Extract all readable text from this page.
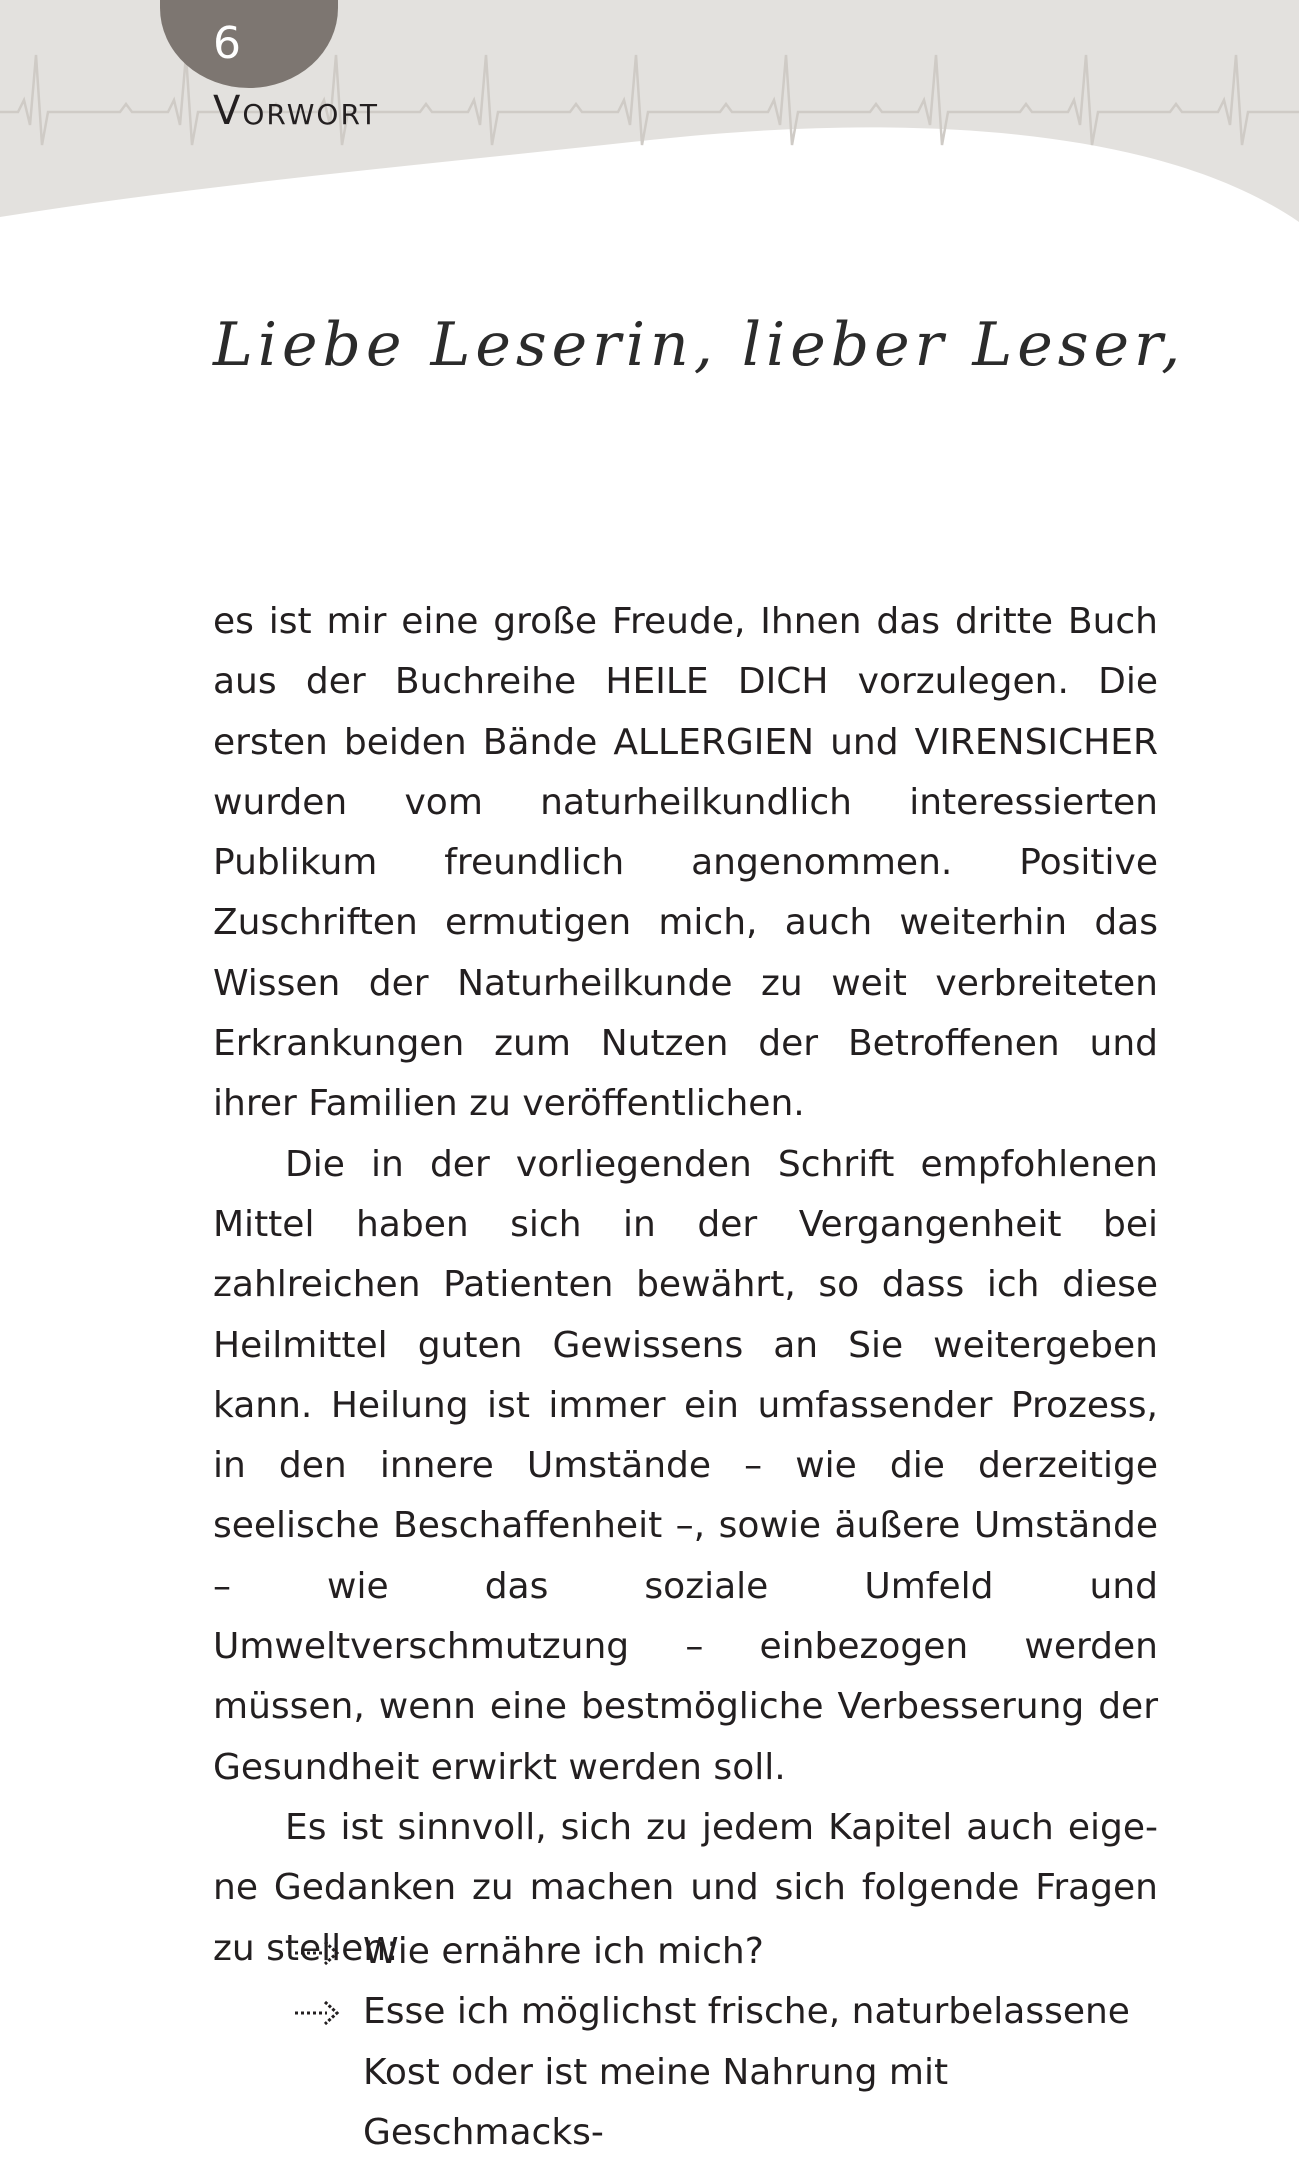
6
Vorwort
Liebe Leserin, lieber Leser,

es ist mir eine große Freude, Ihnen das dritte Buch aus der Buchreihe HEILE DICH vorzulegen. Die ersten beiden Bände ALLERGIEN und VIRENSICHER wurden vom naturheilkundlich interessierten Publikum freundlich angenommen. Positive Zuschriften ermutigen mich, auch weiterhin das Wissen der Naturheilkunde zu weit verbreiteten Erkrankungen zum Nutzen der Betroffenen und ihrer Familien zu veröffentlichen.

Die in der vorliegenden Schrift empfohlenen Mittel haben sich in der Vergangenheit bei zahlreichen Patienten bewährt, so dass ich diese Heilmittel guten Gewissens an Sie weitergeben kann. Heilung ist immer ein umfassender Prozess, in den innere Umstände – wie die derzeitige seelische Beschaffenheit –, sowie äußere Umstände – wie das soziale Umfeld und Umweltverschmutzung – einbezogen werden müssen, wenn eine bestmögliche Verbesserung der Gesundheit erwirkt werden soll.

Es ist sinnvoll, sich zu jedem Kapitel auch eigene Gedanken zu machen und sich folgende Fragen zu stellen:

Wie ernähre ich mich?
Esse ich möglichst frische, naturbelassene Kost oder ist meine Nahrung mit Geschmacks-
